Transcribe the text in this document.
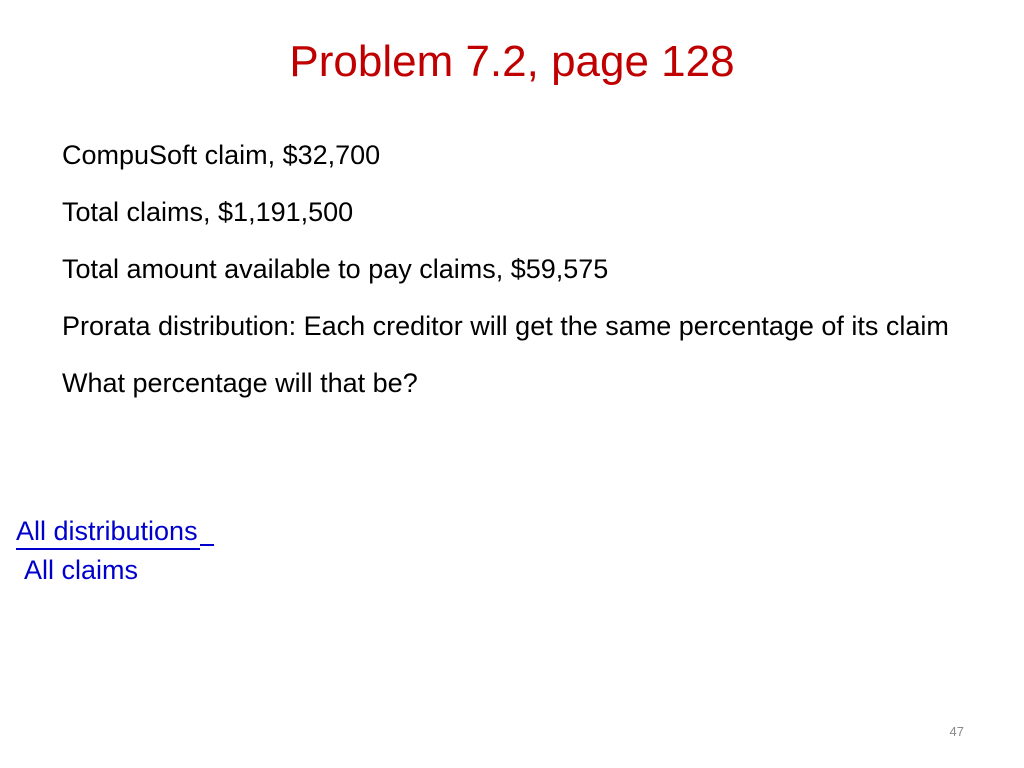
Problem 7.2, page 128
CompuSoft claim, $32,700
Total claims, $1,191,500
Total amount available to pay claims, $59,575
Prorata distribution: Each creditor will get the same percentage of its claim
What percentage will that be?
All distributions
All claims
47
